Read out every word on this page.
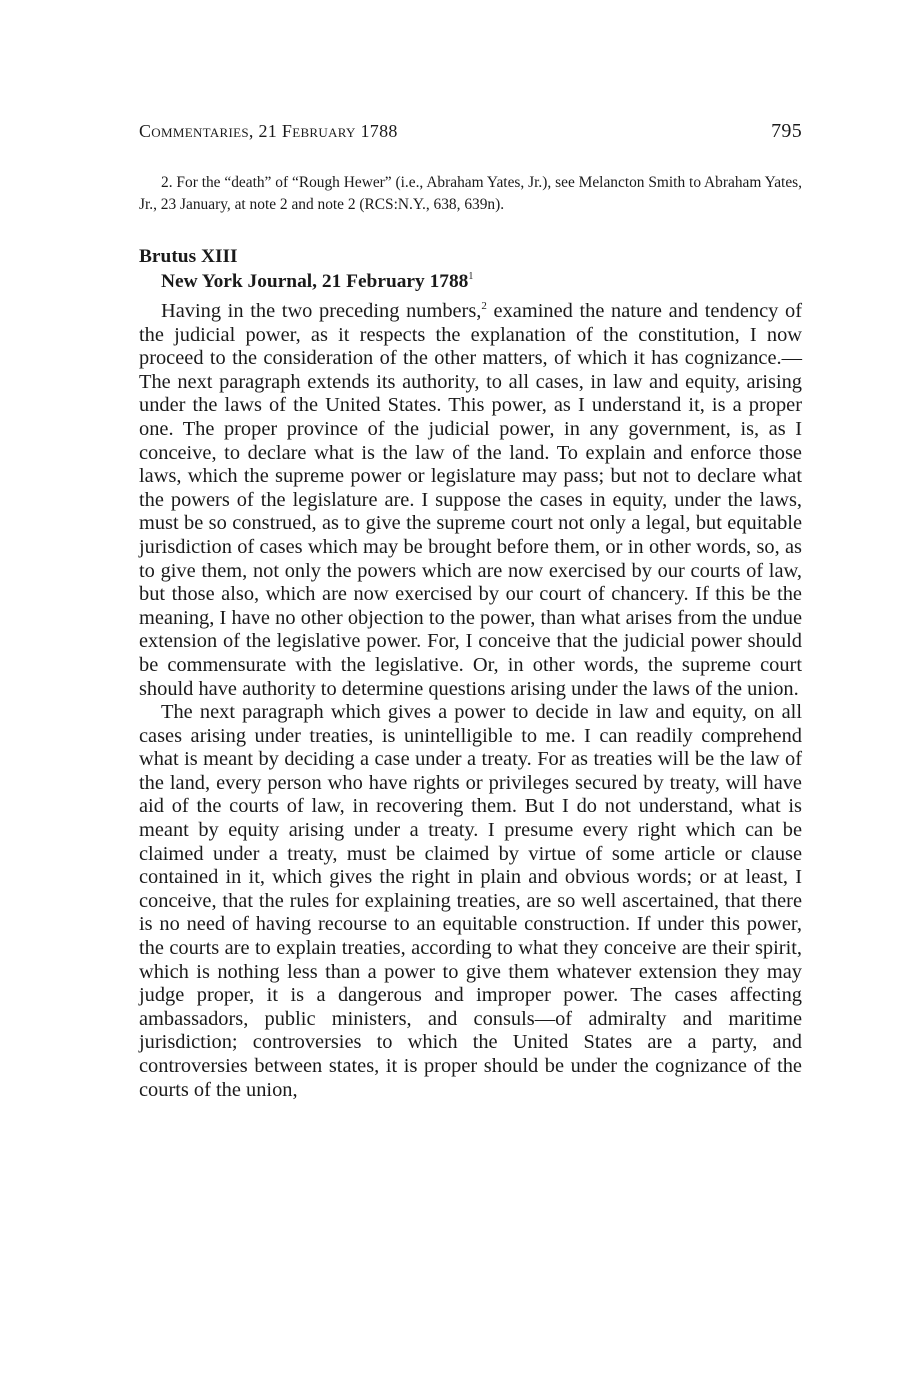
Commentaries, 21 February 1788	795
2. For the “death” of “Rough Hewer” (i.e., Abraham Yates, Jr.), see Melancton Smith to Abraham Yates, Jr., 23 January, at note 2 and note 2 (RCS:N.Y., 638, 639n).
Brutus XIII
New York Journal, 21 February 1788$^1$

Having in the two preceding numbers,$^2$ examined the nature and tendency of the judicial power, as it respects the explanation of the constitution, I now proceed to the consideration of the other matters, of which it has cognizance.—The next paragraph extends its authority, to all cases, in law and equity, arising under the laws of the United States. This power, as I understand it, is a proper one. The proper province of the judicial power, in any government, is, as I conceive, to declare what is the law of the land. To explain and enforce those laws, which the supreme power or legislature may pass; but not to declare what the powers of the legislature are. I suppose the cases in equity, under the laws, must be so construed, as to give the supreme court not only a legal, but equitable jurisdiction of cases which may be brought before them, or in other words, so, as to give them, not only the powers which are now exercised by our courts of law, but those also, which are now exercised by our court of chancery. If this be the meaning, I have no other objection to the power, than what arises from the undue extension of the legislative power. For, I conceive that the judicial power should be commensurate with the legislative. Or, in other words, the supreme court should have authority to determine questions arising under the laws of the union.

The next paragraph which gives a power to decide in law and equity, on all cases arising under treaties, is unintelligible to me. I can readily comprehend what is meant by deciding a case under a treaty. For as treaties will be the law of the land, every person who have rights or privileges secured by treaty, will have aid of the courts of law, in recovering them. But I do not understand, what is meant by equity arising under a treaty. I presume every right which can be claimed under a treaty, must be claimed by virtue of some article or clause contained in it, which gives the right in plain and obvious words; or at least, I conceive, that the rules for explaining treaties, are so well ascertained, that there is no need of having recourse to an equitable construction. If under this power, the courts are to explain treaties, according to what they conceive are their spirit, which is nothing less than a power to give them whatever extension they may judge proper, it is a dangerous and improper power. The cases affecting ambassadors, public ministers, and consuls—of admiralty and maritime jurisdiction; controversies to which the United States are a party, and controversies between states, it is proper should be under the cognizance of the courts of the union,
